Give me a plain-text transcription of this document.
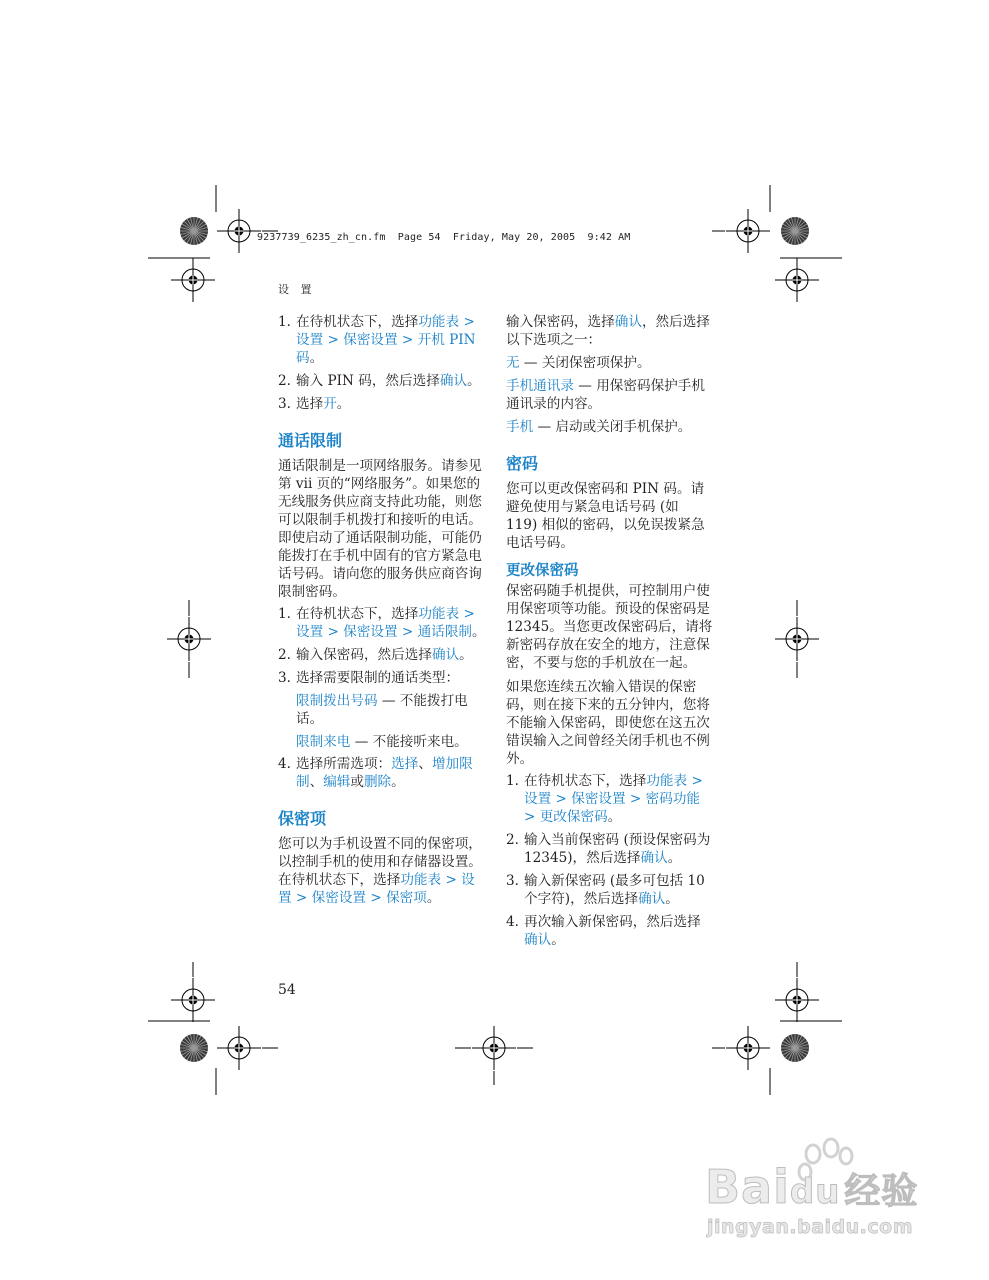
9237739_6235_zh_cn.fm Page 54 Friday, May 20, 2005 9:42 AM
设 置
1. 在待机状态下，选择功能表 > 设置 > 保密设置 > 开机 PIN 码。
2. 输入 PIN 码，然后选择确认。
3. 选择开。
通话限制

通话限制是一项网络服务。请参见第 vii 页的“网络服务”。如果您的无线服务供应商支持此功能，则您可以限制手机拨打和接听的电话。即使启动了通话限制功能，可能仍能拨打在手机中固有的官方紧急电话号码。请向您的服务供应商咨询限制密码。

1. 在待机状态下，选择功能表 > 设置 > 保密设置 > 通话限制。
2. 输入保密码，然后选择确认。
3. 选择需要限制的通话类型：

限制拨出号码 — 不能拨打电话。

限制来电 — 不能接听来电。

4. 选择所需选项：选择、增加限制、编辑或删除。
保密项

您可以为手机设置不同的保密项，以控制手机的使用和存储器设置。在待机状态下，选择功能表 > 设置 > 保密设置 > 保密项。

输入保密码，选择确认，然后选择以下选项之一：

无 — 关闭保密项保护。

手机通讯录 — 用保密码保护手机通讯录的内容。

手机 — 启动或关闭手机保护。

密码

您可以更改保密码和 PIN 码。请避免使用与紧急电话号码 (如 119) 相似的密码，以免误拨紧急电话号码。

更改保密码

保密码随手机提供，可控制用户使用保密项等功能。预设的保密码是 12345。当您更改保密码后，请将新密码存放在安全的地方，注意保密，不要与您的手机放在一起。

如果您连续五次输入错误的保密码，则在接下来的五分钟内，您将不能输入保密码，即使您在这五次错误输入之间曾经关闭手机也不例外。

1. 在待机状态下，选择功能表 > 设置 > 保密设置 > 密码功能 > 更改保密码。
2. 输入当前保密码 (预设保密码为 12345)，然后选择确认。
3. 输入新保密码 (最多可包括 10 个字符)，然后选择确认。
4. 再次输入新保密码，然后选择确认。
54
Baidu 经验
jingyan.baidu.com
